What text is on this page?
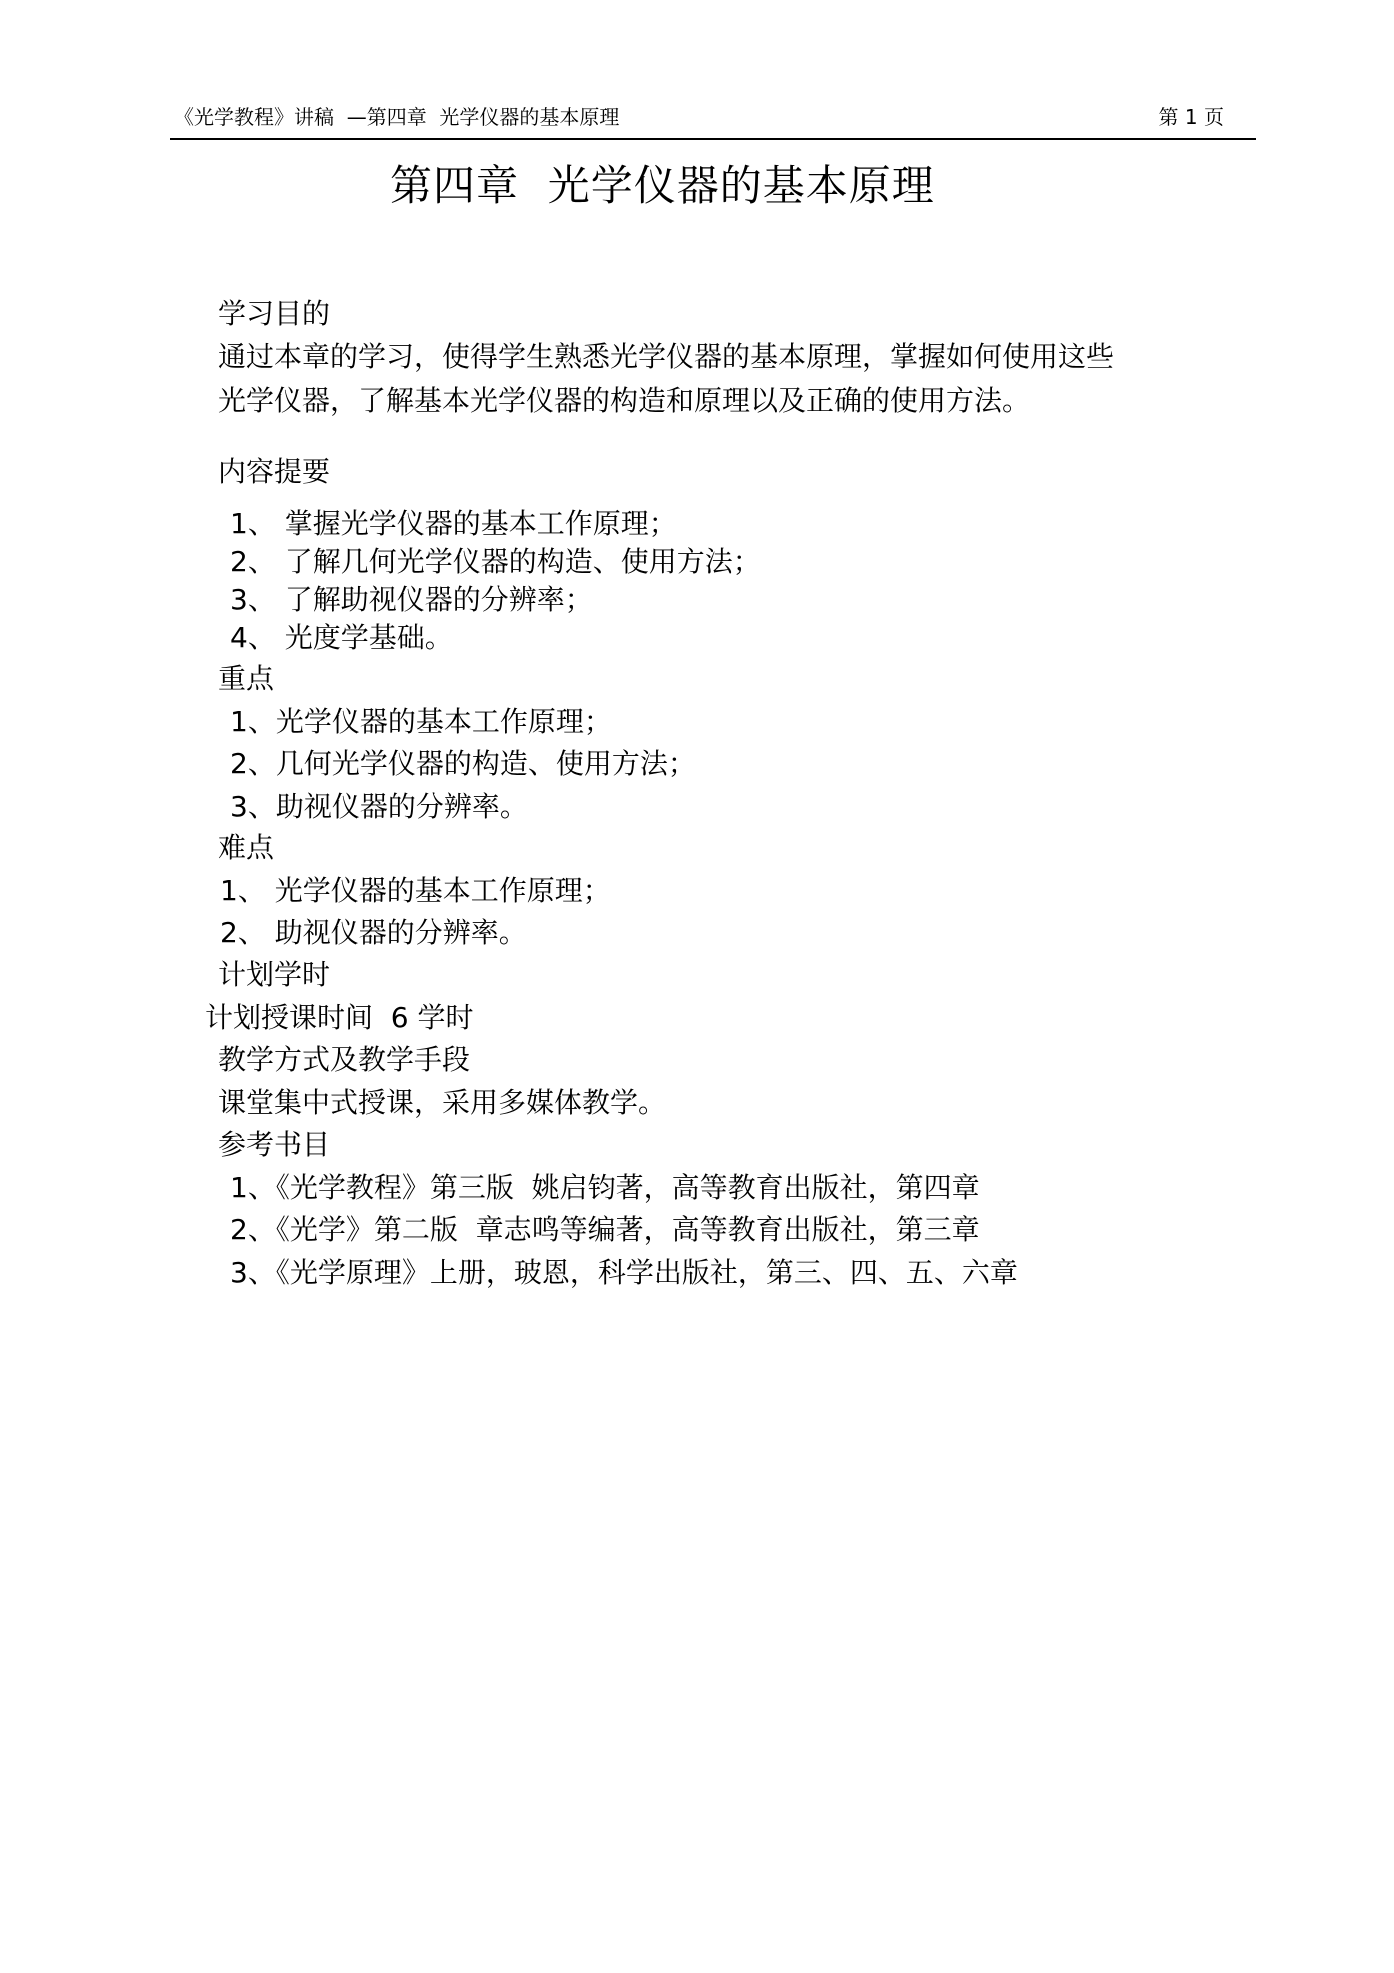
《光学教程》讲稿  —第四章  光学仪器的基本原理	第 1 页
第四章  光学仪器的基本原理
学习目的
通过本章的学习，使得学生熟悉光学仪器的基本原理，掌握如何使用这些
光学仪器，了解基本光学仪器的构造和原理以及正确的使用方法。
内容提要
1、 掌握光学仪器的基本工作原理；
2、 了解几何光学仪器的构造、使用方法；
3、 了解助视仪器的分辨率；
4、 光度学基础。
重点
1、光学仪器的基本工作原理；
2、几何光学仪器的构造、使用方法；
3、助视仪器的分辨率。
难点
1、 光学仪器的基本工作原理；
2、 助视仪器的分辨率。
计划学时
计划授课时间  6 学时
教学方式及教学手段
课堂集中式授课，采用多媒体教学。
参考书目
1、《光学教程》第三版  姚启钧著，高等教育出版社，第四章
2、《光学》第二版  章志鸣等编著，高等教育出版社，第三章
3、《光学原理》上册，玻恩，科学出版社，第三、四、五、六章
